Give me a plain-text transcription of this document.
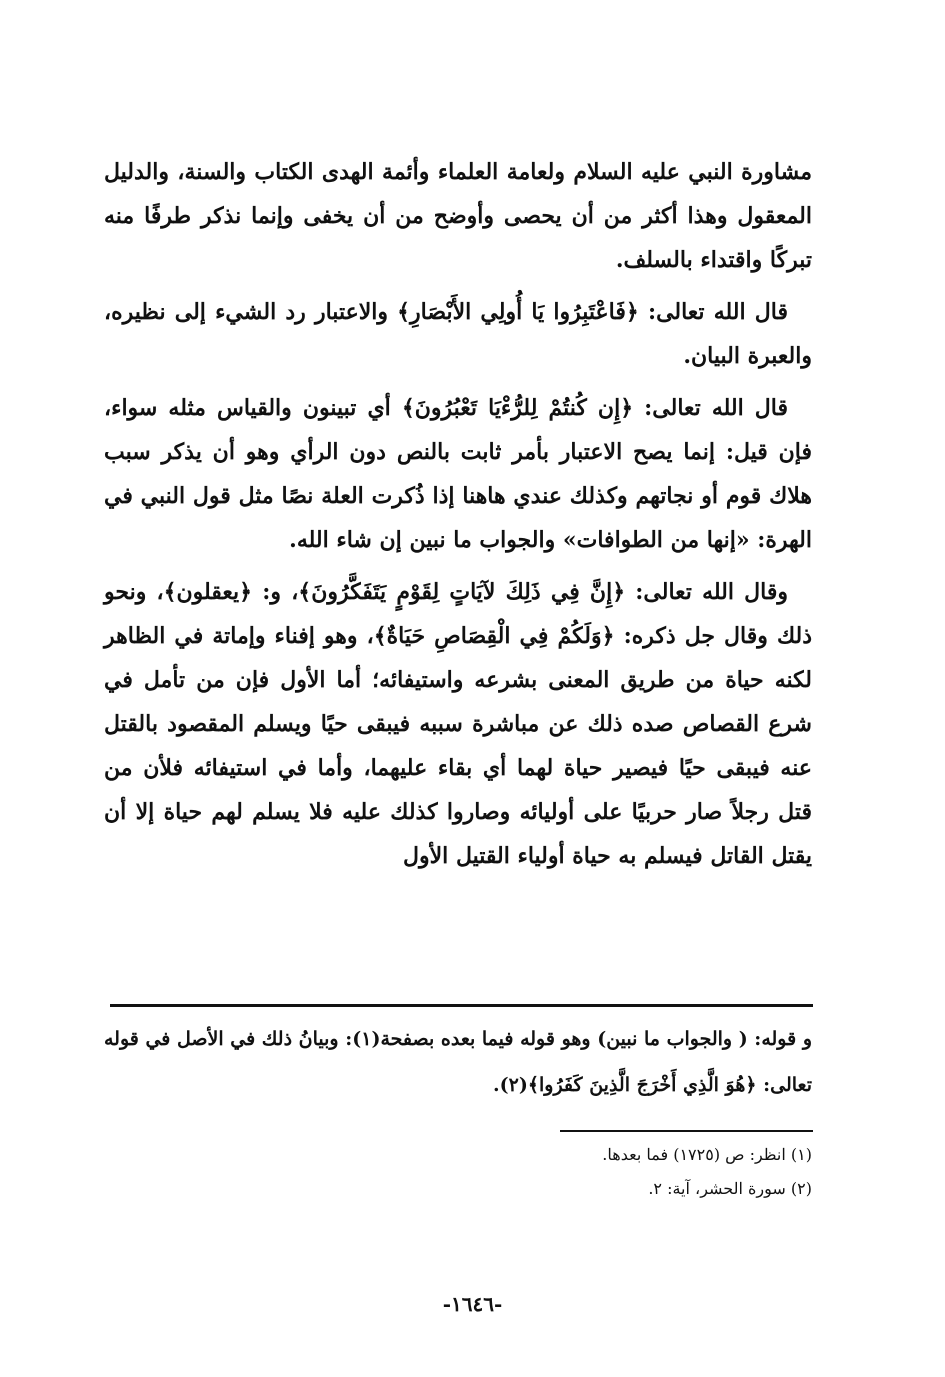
مشاورة النبي عليه السلام ولعامة العلماء وأئمة الهدى الكتاب والسنة، والدليل المعقول وهذا أكثر من أن يحصى وأوضح من أن يخفى وإنما نذكر طرفًا منه تبركًا واقتداء بالسلف.

قال الله تعالى: ﴿فَاعْتَبِرُوا يَا أُولِي الأَبْصَارِ﴾ والاعتبار رد الشيء إلى نظيره، والعبرة البيان.

قال الله تعالى: ﴿إِن كُنتُمْ لِلرُّءْيَا تَعْبُرُونَ﴾ أي تبينون والقياس مثله سواء، فإن قيل: إنما يصح الاعتبار بأمر ثابت بالنص دون الرأي وهو أن يذكر سبب هلاك قوم أو نجاتهم وكذلك عندي هاهنا إذا ذُكرت العلة نصًا مثل قول النبي في الهرة: «إنها من الطوافات» والجواب ما نبين إن شاء الله.

وقال الله تعالى: ﴿إِنَّ فِي ذَلِكَ لآيَاتٍ لِقَوْمٍ يَتَفَكَّرُونَ﴾، و: ﴿يعقلون﴾، ونحو ذلك وقال جل ذكره: ﴿وَلَكُمْ فِي الْقِصَاصِ حَيَاةٌ﴾، وهو إفناء وإماتة في الظاهر لكنه حياة من طريق المعنى بشرعه واستيفائه؛ أما الأول فإن من تأمل في شرع القصاص صده ذلك عن مباشرة سببه فيبقى حيًا ويسلم المقصود بالقتل عنه فيبقى حيًا فيصير حياة لهما أي بقاء عليهما، وأما في استيفائه فلأن من قتل رجلاً صار حربيًا على أوليائه وصاروا كذلك عليه فلا يسلم لهم حياة إلا أن يقتل القاتل فيسلم به حياة أولياء القتيل الأول

و قوله: ( والجواب ما نبين) وهو قوله فيما بعده بصفحة(١): وبيانُ ذلك في الأصل في قوله تعالى: ﴿هُوَ الَّذِي أَخْرَجَ الَّذِينَ كَفَرُوا﴾(٢).

(١) انظر: ص (١٧٢٥) فما بعدها.
(٢) سورة الحشر، آية: ٢.
-١٦٤٦-
